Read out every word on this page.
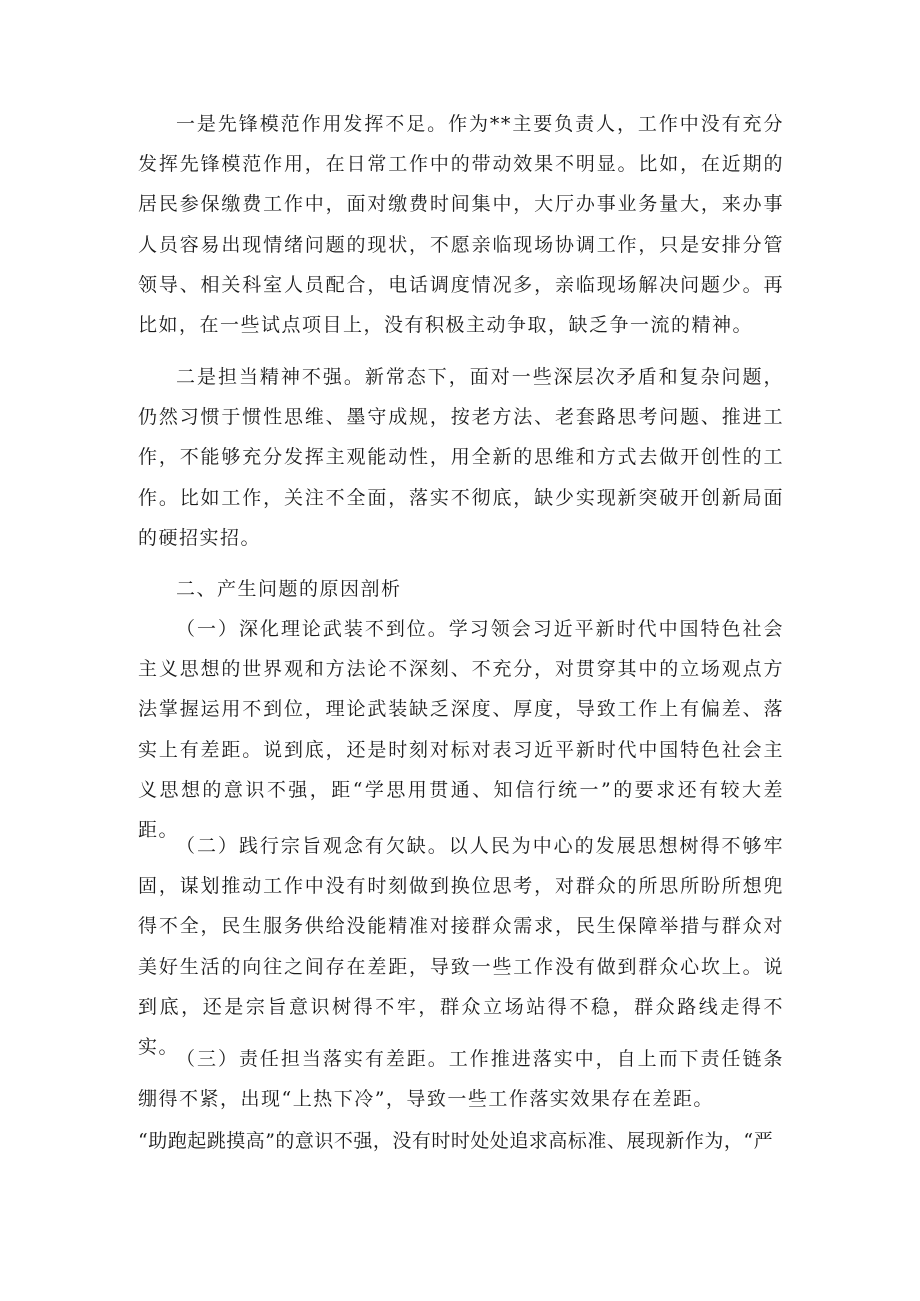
一是先锋模范作用发挥不足。作为**主要负责人，工作中没有充分发挥先锋模范作用，在日常工作中的带动效果不明显。比如，在近期的居民参保缴费工作中，面对缴费时间集中，大厅办事业务量大，来办事人员容易出现情绪问题的现状，不愿亲临现场协调工作，只是安排分管领导、相关科室人员配合，电话调度情况多，亲临现场解决问题少。再比如，在一些试点项目上，没有积极主动争取，缺乏争一流的精神。

二是担当精神不强。新常态下，面对一些深层次矛盾和复杂问题，仍然习惯于惯性思维、墨守成规，按老方法、老套路思考问题、推进工作，不能够充分发挥主观能动性，用全新的思维和方式去做开创性的工作。比如工作，关注不全面，落实不彻底，缺少实现新突破开创新局面的硬招实招。

二、产生问题的原因剖析

（一）深化理论武装不到位。学习领会习近平新时代中国特色社会主义思想的世界观和方法论不深刻、不充分，对贯穿其中的立场观点方法掌握运用不到位，理论武装缺乏深度、厚度，导致工作上有偏差、落实上有差距。说到底，还是时刻对标对表习近平新时代中国特色社会主义思想的意识不强，距“学思用贯通、知信行统一”的要求还有较大差距。

（二）践行宗旨观念有欠缺。以人民为中心的发展思想树得不够牢固，谋划推动工作中没有时刻做到换位思考，对群众的所思所盼所想兜得不全，民生服务供给没能精准对接群众需求，民生保障举措与群众对美好生活的向往之间存在差距，导致一些工作没有做到群众心坎上。说到底，还是宗旨意识树得不牢，群众立场站得不稳，群众路线走得不实。

（三）责任担当落实有差距。工作推进落实中，自上而下责任链条绷得不紧，出现“上热下冷”，导致一些工作落实效果存在差距。

“助跑起跳摸高”的意识不强，没有时时处处追求高标准、展现新作为，“严
